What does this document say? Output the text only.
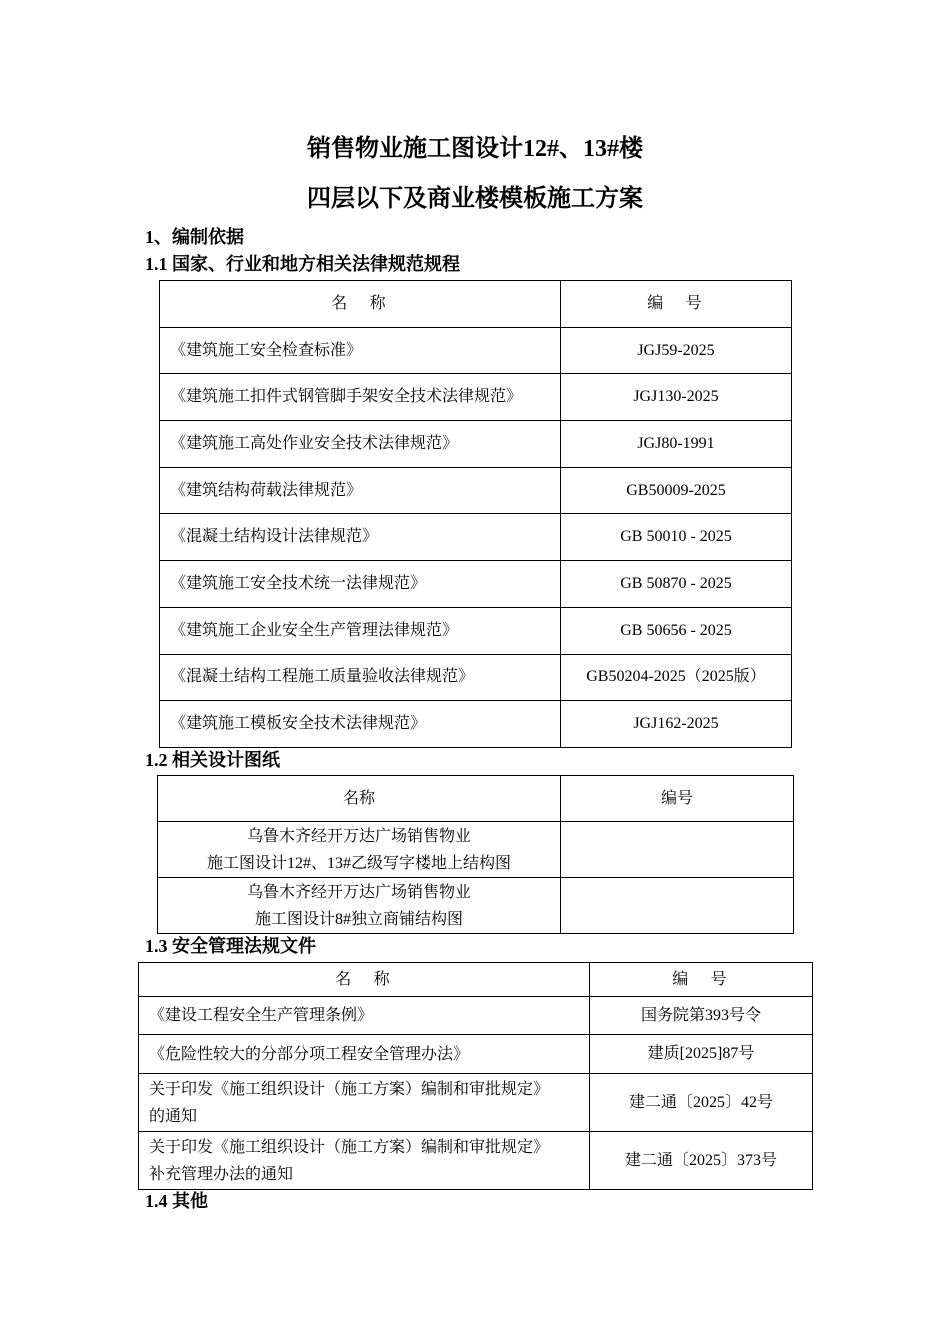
销售物业施工图设计12#、13#楼
四层以下及商业楼模板施工方案
1、编制依据
1.1 国家、行业和地方相关法律规范规程
名　称	编　号
《建筑施工安全检查标准》	JGJ59-2025
《建筑施工扣件式钢管脚手架安全技术法律规范》	JGJ130-2025
《建筑施工高处作业安全技术法律规范》	JGJ80-1991
《建筑结构荷载法律规范》	GB50009-2025
《混凝土结构设计法律规范》	GB 50010 - 2025
《建筑施工安全技术统一法律规范》	GB 50870 - 2025
《建筑施工企业安全生产管理法律规范》	GB 50656 - 2025
《混凝土结构工程施工质量验收法律规范》	GB50204-2025（2025版）
《建筑施工模板安全技术法律规范》	JGJ162-2025
1.2 相关设计图纸
名称	编号

乌鲁木齐经开万达广场销售物业
施工图设计12#、13#乙级写字楼地上结构图	

乌鲁木齐经开万达广场销售物业
施工图设计8#独立商铺结构图	

1.3 安全管理法规文件
名　称	编　号

《建设工程安全生产管理条例》	国务院第393号令

《危险性较大的分部分项工程安全管理办法》	建质[2025]87号

关于印发《施工组织设计（施工方案）编制和审批规定》
的通知	建二通〔2025〕42号

关于印发《施工组织设计（施工方案）编制和审批规定》
补充管理办法的通知	建二通〔2025〕373号
1.4 其他
